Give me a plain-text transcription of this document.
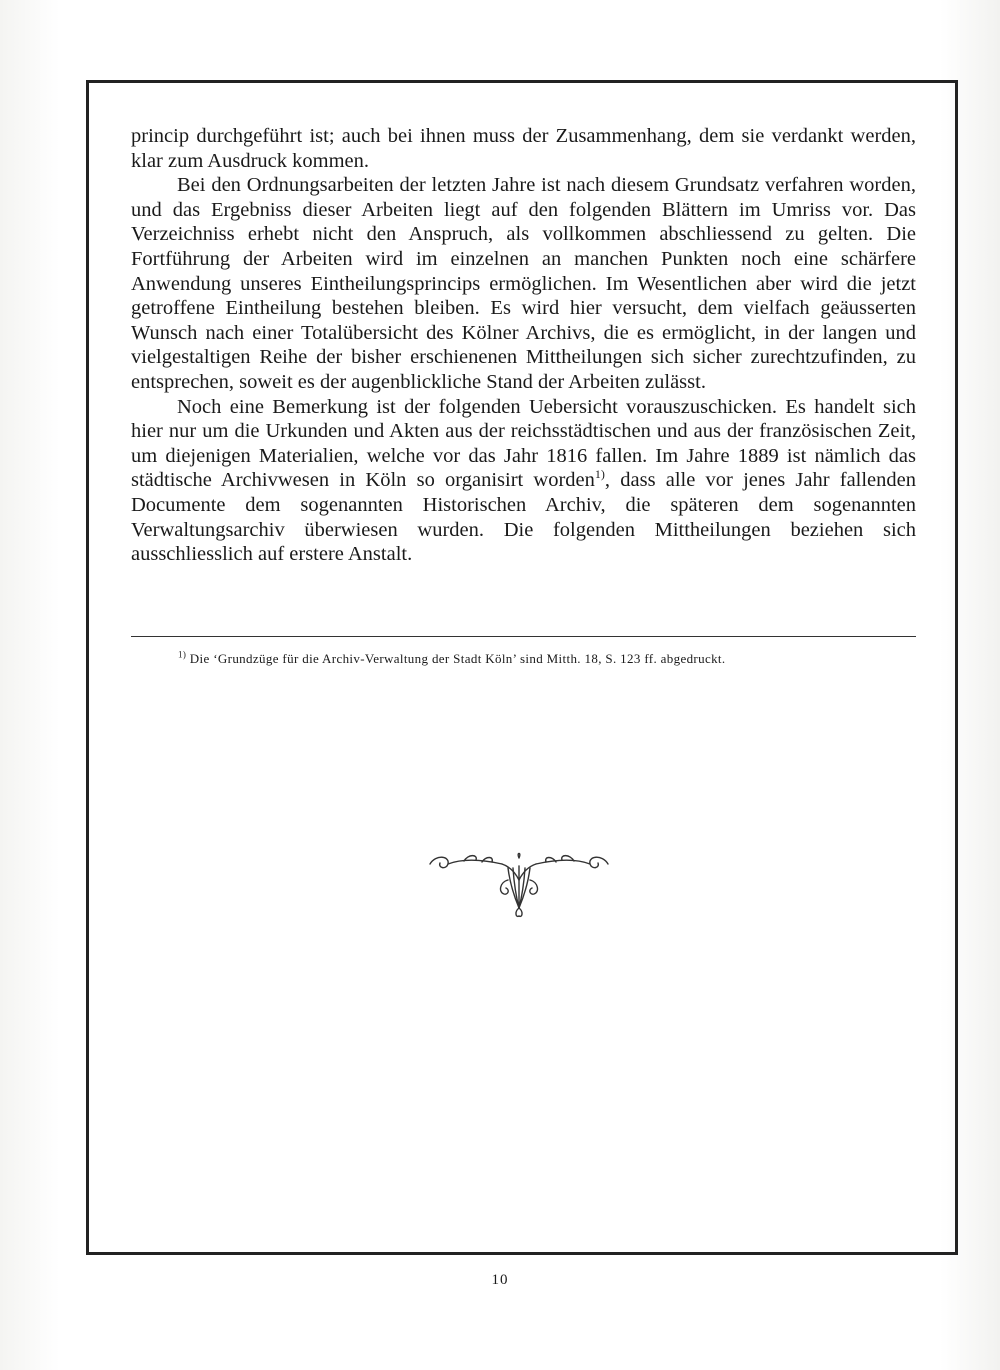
princip durchgeführt ist; auch bei ihnen muss der Zusammenhang, dem sie verdankt werden, klar zum Ausdruck kommen.

Bei den Ordnungsarbeiten der letzten Jahre ist nach diesem Grundsatz verfahren worden, und das Ergebniss dieser Arbeiten liegt auf den folgenden Blättern im Umriss vor. Das Verzeichniss erhebt nicht den Anspruch, als vollkommen abschliessend zu gelten. Die Fortführung der Arbeiten wird im einzelnen an manchen Punkten noch eine schärfere Anwendung unseres Eintheilungsprincips ermöglichen. Im Wesentlichen aber wird die jetzt getroffene Eintheilung bestehen bleiben. Es wird hier versucht, dem vielfach geäusserten Wunsch nach einer Totalübersicht des Kölner Archivs, die es ermöglicht, in der langen und vielgestaltigen Reihe der bisher erschienenen Mittheilungen sich sicher zurechtzufinden, zu entsprechen, soweit es der augenblickliche Stand der Arbeiten zulässt.

Noch eine Bemerkung ist der folgenden Uebersicht vorauszuschicken. Es handelt sich hier nur um die Urkunden und Akten aus der reichsstädtischen und aus der französischen Zeit, um diejenigen Materialien, welche vor das Jahr 1816 fallen. Im Jahre 1889 ist nämlich das städtische Archivwesen in Köln so organisirt worden$^{1)}$, dass alle vor jenes Jahr fallenden Documente dem sogenannten Historischen Archiv, die späteren dem sogenannten Verwaltungsarchiv überwiesen wurden. Die folgenden Mittheilungen beziehen sich ausschliesslich auf erstere Anstalt.

$^{1)}$ Die ‘Grundzüge für die Archiv-Verwaltung der Stadt Köln’ sind Mitth. 18, S. 123 ff. abgedruckt.
10
